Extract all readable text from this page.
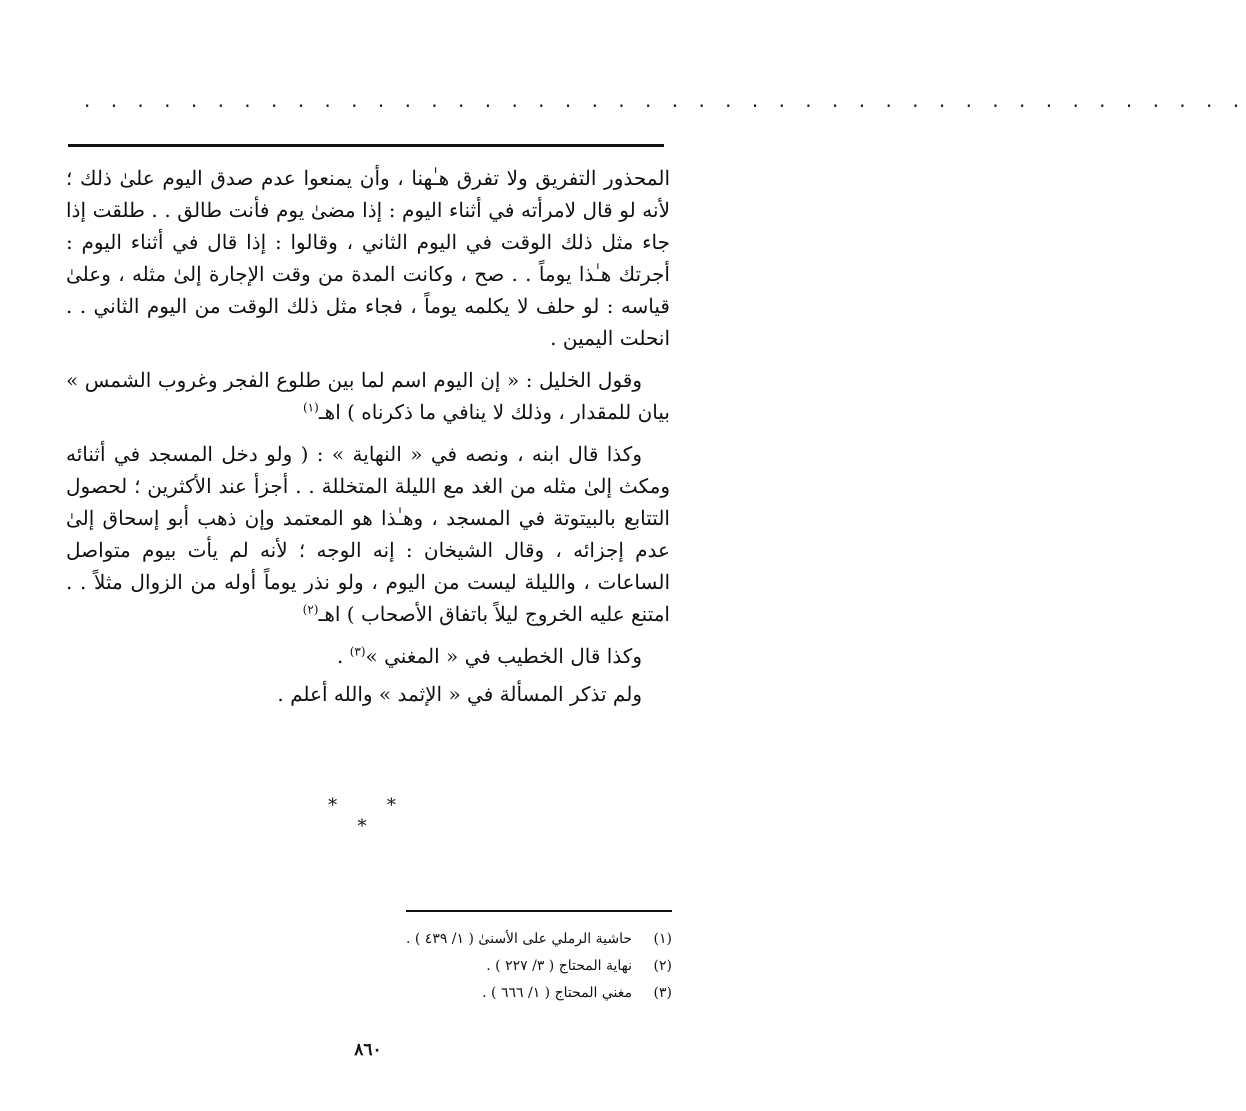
. . . . . . . . . . . . . . . . . . . . . . . . . . . . . . . . . . . . . . . . . . . .

المحذور التفريق ولا تفرق هـٰهنا ، وأن يمنعوا عدم صدق اليوم علىٰ ذلك ؛ لأنه لو قال لامرأته في أثناء اليوم : إذا مضىٰ يوم فأنت طالق . . طلقت إذا جاء مثل ذلك الوقت في اليوم الثاني ، وقالوا : إذا قال في أثناء اليوم : أجرتك هـٰذا يوماً . . صح ، وكانت المدة من وقت الإجارة إلىٰ مثله ، وعلىٰ قياسه : لو حلف لا يكلمه يوماً ، فجاء مثل ذلك الوقت من اليوم الثاني . . انحلت اليمين .

وقول الخليل : « إن اليوم اسم لما بين طلوع الفجر وغروب الشمس » بيان للمقدار ، وذلك لا ينافي ما ذكرناه ) اهـ$^{(١)}$

وكذا قال ابنه ، ونصه في « النهاية » : ( ولو دخل المسجد في أثنائه ومكث إلىٰ مثله من الغد مع الليلة المتخللة . . أجزأ عند الأكثرين ؛ لحصول التتابع بالبيتوتة في المسجد ، وهـٰذا هو المعتمد وإن ذهب أبو إسحاق إلىٰ عدم إجزائه ، وقال الشيخان : إنه الوجه ؛ لأنه لم يأت بيوم متواصل الساعات ، والليلة ليست من اليوم ، ولو نذر يوماً أوله من الزوال مثلاً . . امتنع عليه الخروج ليلاً باتفاق الأصحاب ) اهـ$^{(٢)}$

وكذا قال الخطيب في « المغني »$^{(٣)}$ .

ولم تذكر المسألة في « الإثمد » والله أعلم .

* * *
(١)
حاشية الرملي على الأسنىٰ ( ١/ ٤٣٩ ) .
(٢)
نهاية المحتاج ( ٣/ ٢٢٧ ) .
(٣)
مغني المحتاج ( ١/ ٦٦٦ ) .
٨٦٠
